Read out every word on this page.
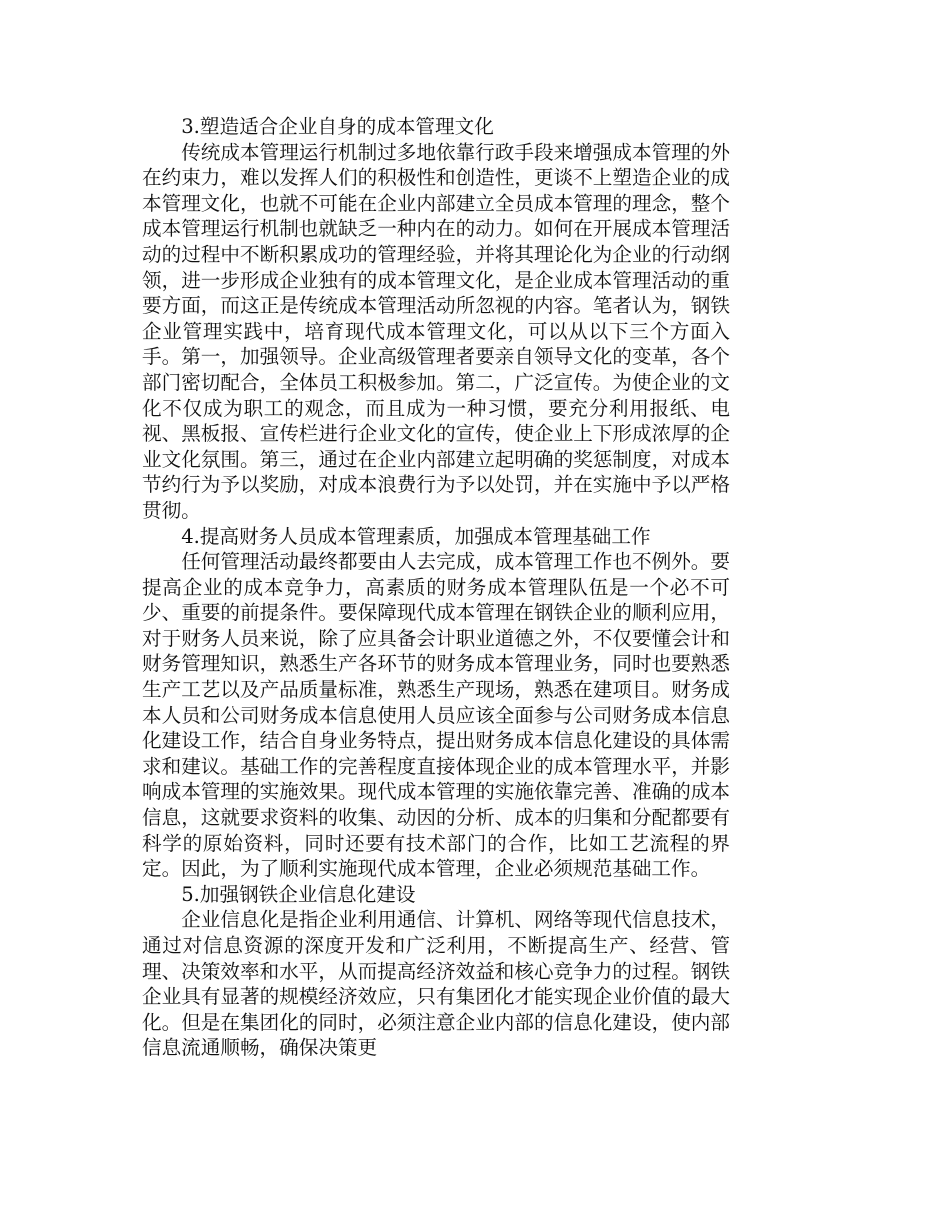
3.塑造适合企业自身的成本管理文化

传统成本管理运行机制过多地依靠行政手段来增强成本管理的外在约束力，难以发挥人们的积极性和创造性，更谈不上塑造企业的成本管理文化，也就不可能在企业内部建立全员成本管理的理念，整个成本管理运行机制也就缺乏一种内在的动力。如何在开展成本管理活动的过程中不断积累成功的管理经验，并将其理论化为企业的行动纲领，进一步形成企业独有的成本管理文化，是企业成本管理活动的重要方面，而这正是传统成本管理活动所忽视的内容。笔者认为，钢铁企业管理实践中，培育现代成本管理文化，可以从以下三个方面入手。第一，加强领导。企业高级管理者要亲自领导文化的变革，各个部门密切配合，全体员工积极参加。第二，广泛宣传。为使企业的文化不仅成为职工的观念，而且成为一种习惯，要充分利用报纸、电视、黑板报、宣传栏进行企业文化的宣传，使企业上下形成浓厚的企业文化氛围。第三，通过在企业内部建立起明确的奖惩制度，对成本节约行为予以奖励，对成本浪费行为予以处罚，并在实施中予以严格贯彻。

4.提高财务人员成本管理素质，加强成本管理基础工作

任何管理活动最终都要由人去完成，成本管理工作也不例外。要提高企业的成本竞争力，高素质的财务成本管理队伍是一个必不可少、重要的前提条件。要保障现代成本管理在钢铁企业的顺利应用，对于财务人员来说，除了应具备会计职业道德之外，不仅要懂会计和财务管理知识，熟悉生产各环节的财务成本管理业务，同时也要熟悉生产工艺以及产品质量标准，熟悉生产现场，熟悉在建项目。财务成本人员和公司财务成本信息使用人员应该全面参与公司财务成本信息化建设工作，结合自身业务特点，提出财务成本信息化建设的具体需求和建议。基础工作的完善程度直接体现企业的成本管理水平，并影响成本管理的实施效果。现代成本管理的实施依靠完善、准确的成本信息，这就要求资料的收集、动因的分析、成本的归集和分配都要有科学的原始资料，同时还要有技术部门的合作，比如工艺流程的界定。因此，为了顺利实施现代成本管理，企业必须规范基础工作。

5.加强钢铁企业信息化建设

企业信息化是指企业利用通信、计算机、网络等现代信息技术，通过对信息资源的深度开发和广泛利用，不断提高生产、经营、管理、决策效率和水平，从而提高经济效益和核心竞争力的过程。钢铁企业具有显著的规模经济效应，只有集团化才能实现企业价值的最大化。但是在集团化的同时，必须注意企业内部的信息化建设，使内部信息流通顺畅，确保决策更
